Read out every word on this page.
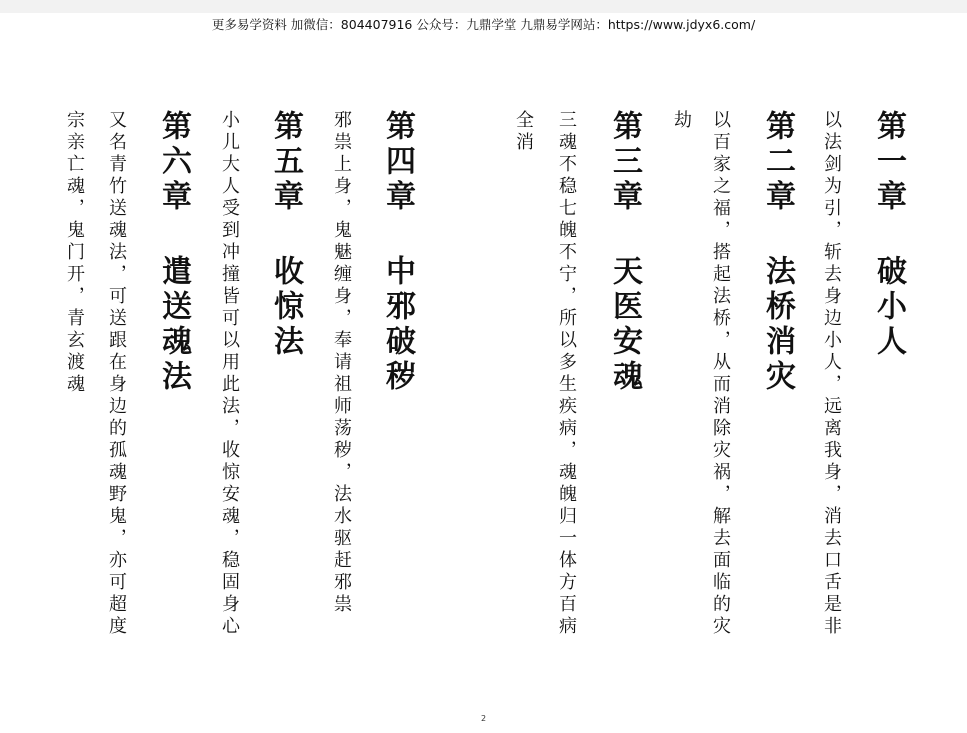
更多易学资料 加微信：804407916 公众号：九鼎学堂 九鼎易学网站：https://www.jdyx6.com/
第一章 破小人
以法剑为引，斩去身边小人，远离我身，消去口舌是非
劫 第二章 法桥消灾
以百家之福，搭起法桥，从而消除灾祸，解去面临的灾
第三章 天医安魂
三魂不稳七魄不宁，所以多生疾病，魂魄归一体方百病
全消
第四章 中邪破秽
邪祟上身，鬼魅缠身，奉请祖师荡秽，法水驱赶邪祟
第五章 收惊法
小儿大人受到冲撞皆可以用此法，收惊安魂，稳固身心
第六章 遣送魂法
又名青竹送魂法，可送跟在身边的孤魂野鬼，亦可超度
宗亲亡魂，鬼门开，青玄渡魂
2
